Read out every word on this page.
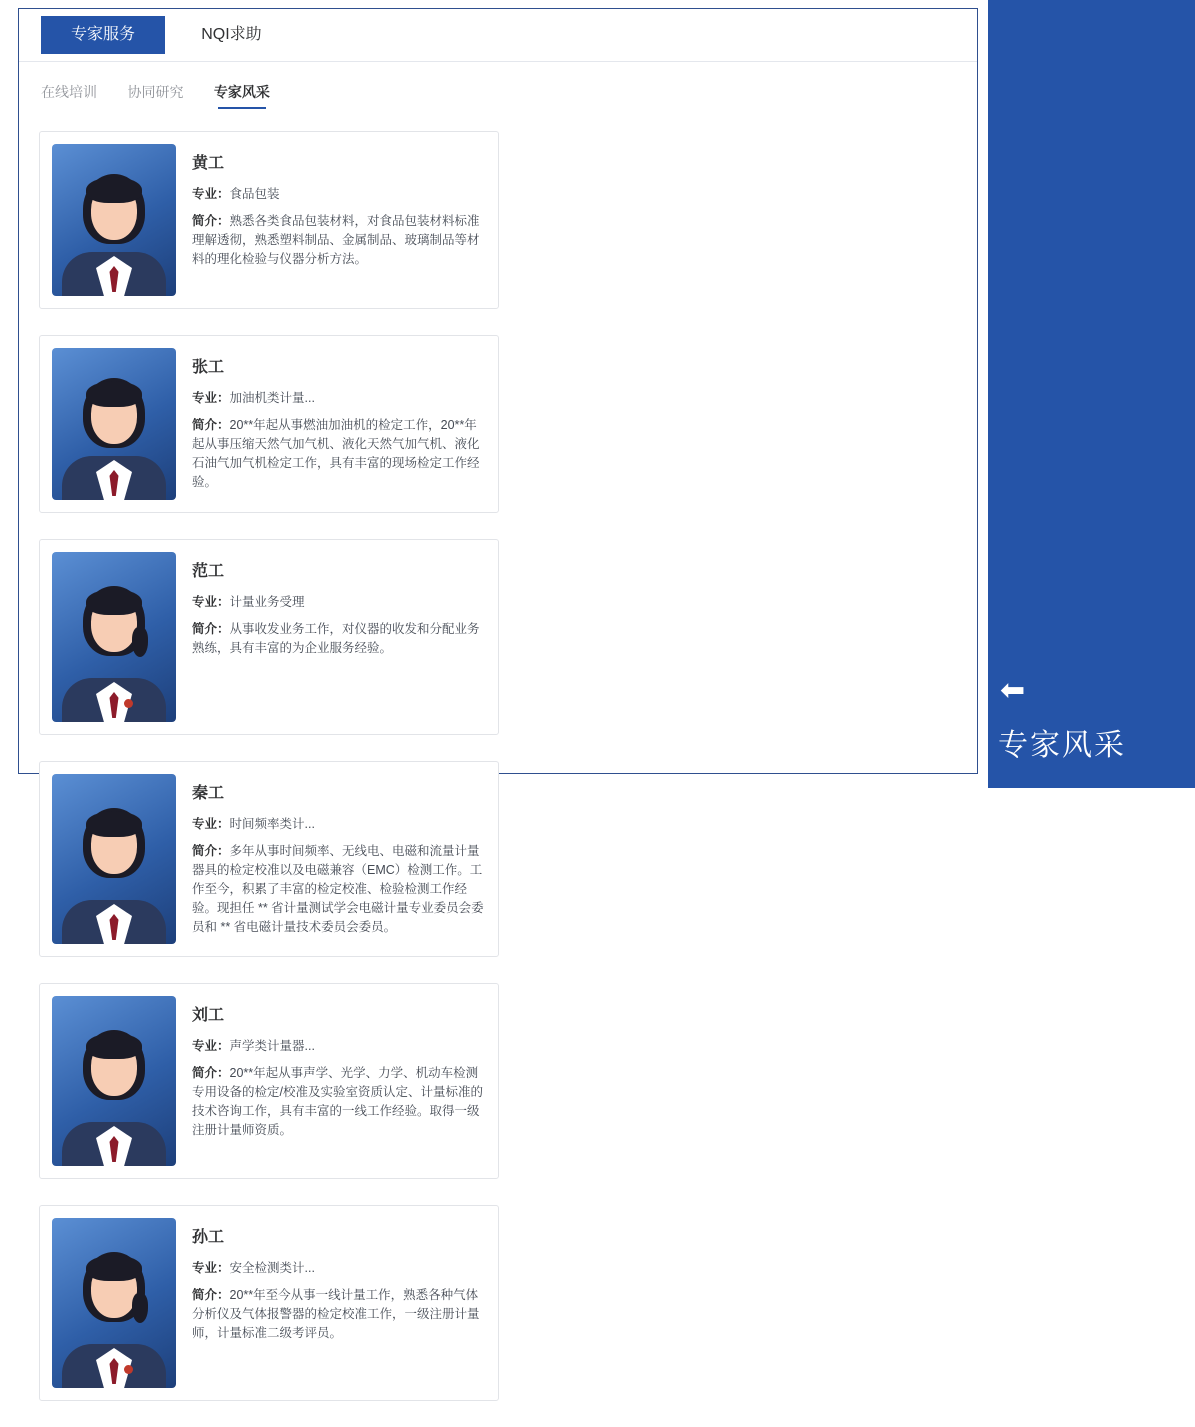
专家服务	NQI求助
在线培训 协同研究 专家风采
黄工
专业：食品包装
简介：熟悉各类食品包装材料，对食品包装材料标准理解透彻，熟悉塑料制品、金属制品、玻璃制品等材料的理化检验与仪器分析方法。
张工
专业：加油机类计量...
简介：20**年起从事燃油加油机的检定工作，20**年起从事压缩天然气加气机、液化天然气加气机、液化石油气加气机检定工作，具有丰富的现场检定工作经验。
范工
专业：计量业务受理
简介：从事收发业务工作，对仪器的收发和分配业务熟练，具有丰富的为企业服务经验。
秦工
专业：时间频率类计...
简介：多年从事时间频率、无线电、电磁和流量计量器具的检定校准以及电磁兼容（EMC）检测工作。工作至今，积累了丰富的检定校准、检验检测工作经验。现担任 ** 省计量测试学会电磁计量专业委员会委员和 ** 省电磁计量技术委员会委员。
刘工
专业：声学类计量器...
简介：20**年起从事声学、光学、力学、机动车检测专用设备的检定/校准及实验室资质认定、计量标准的技术咨询工作，具有丰富的一线工作经验。取得一级注册计量师资质。
孙工
专业：安全检测类计...
简介：20**年至今从事一线计量工作，熟悉各种气体分析仪及气体报警器的检定校准工作，一级注册计量师，计量标准二级考评员。
⬅
专家风采
